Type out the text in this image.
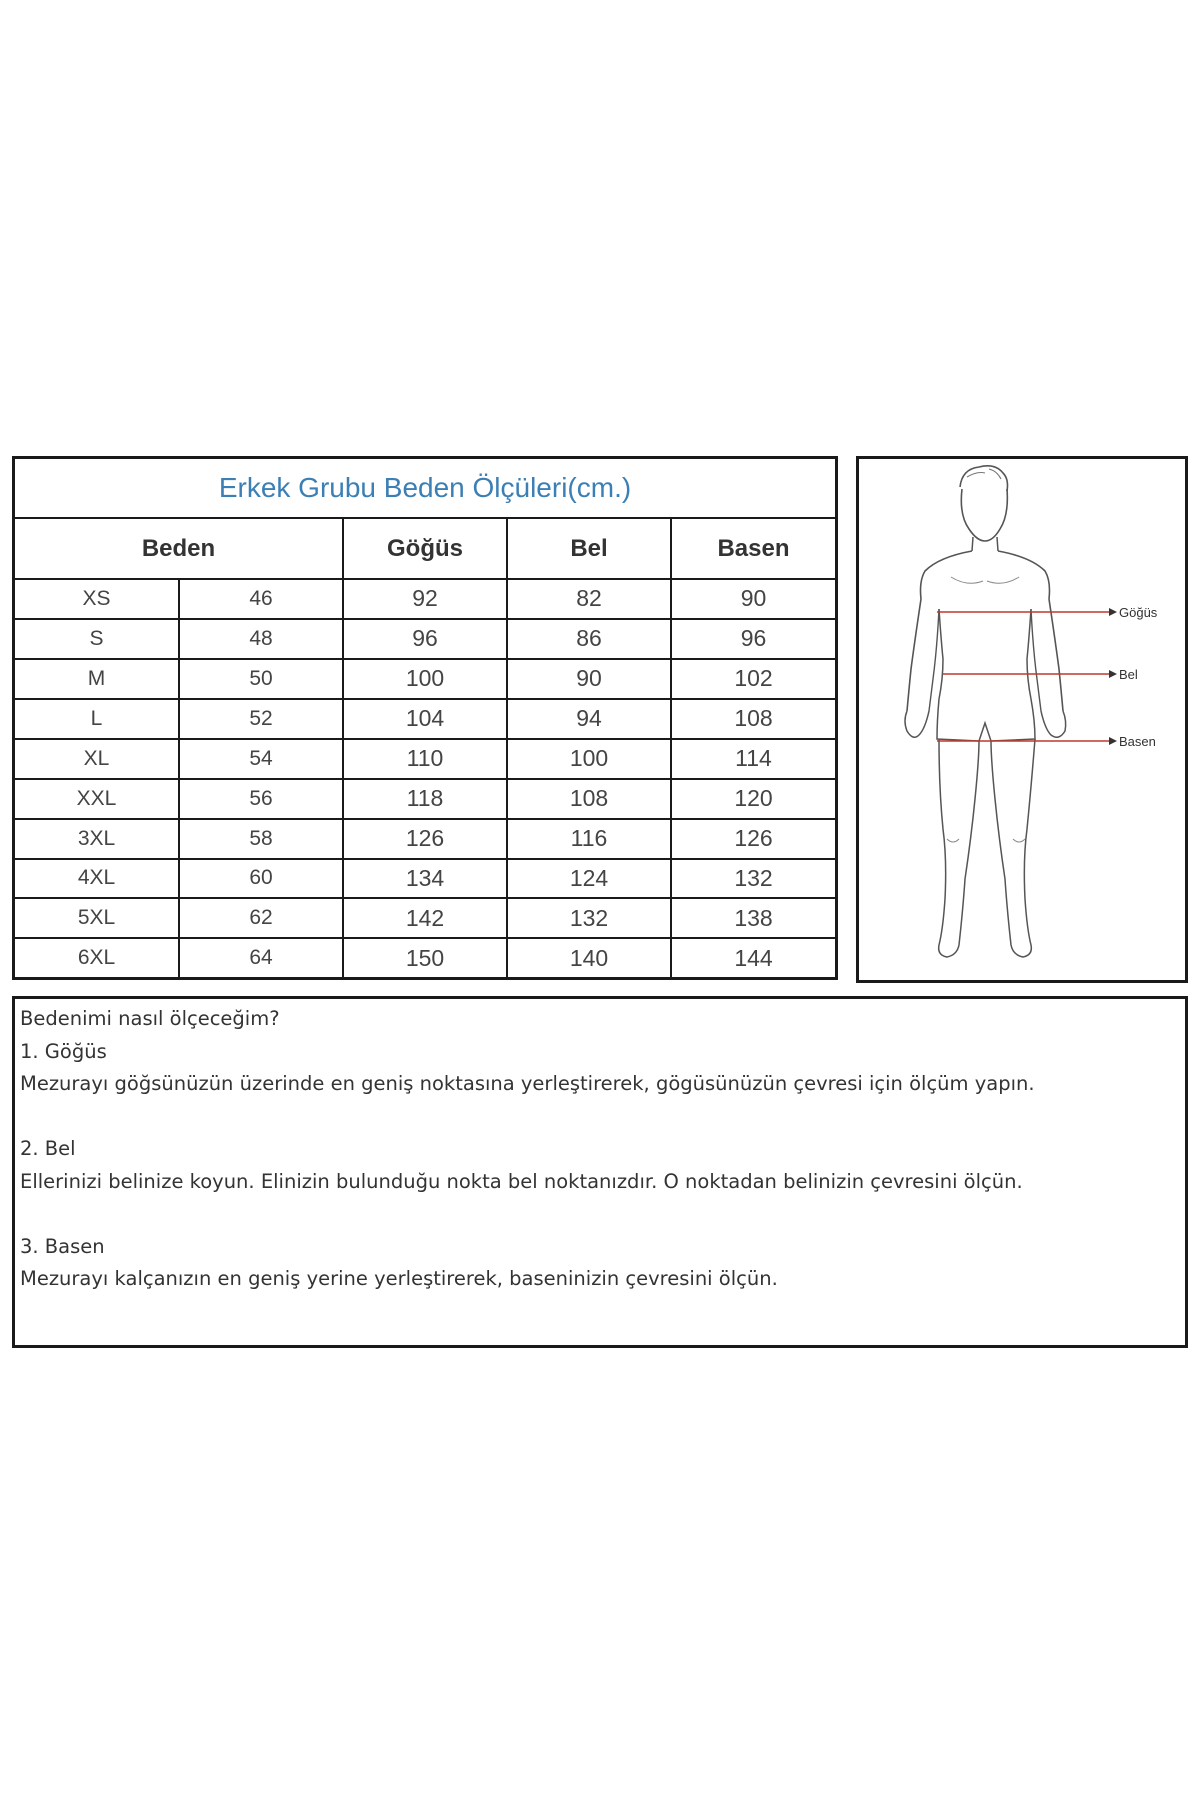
Erkek Grubu Beden Ölçüleri(cm.)				
Beden		Göğüs	Bel	Basen
XS	46	92	82	90
S	48	96	86	96
M	50	100	90	102
L	52	104	94	108
XL	54	110	100	114
XXL	56	118	108	120
3XL	58	126	116	126
4XL	60	134	124	132
5XL	62	142	132	138
6XL	64	150	140	144
Göğüs
Bel
Basen

Bedenimi nasıl ölçeceğim?

1. Göğüs

Mezurayı göğsünüzün üzerinde en geniş noktasına yerleştirerek, gögüsünüzün çevresi için ölçüm yapın.

2. Bel

Ellerinizi belinize koyun. Elinizin bulunduğu nokta bel noktanızdır. O noktadan belinizin çevresini ölçün.

3. Basen

Mezurayı kalçanızın en geniş yerine yerleştirerek, baseninizin çevresini ölçün.
